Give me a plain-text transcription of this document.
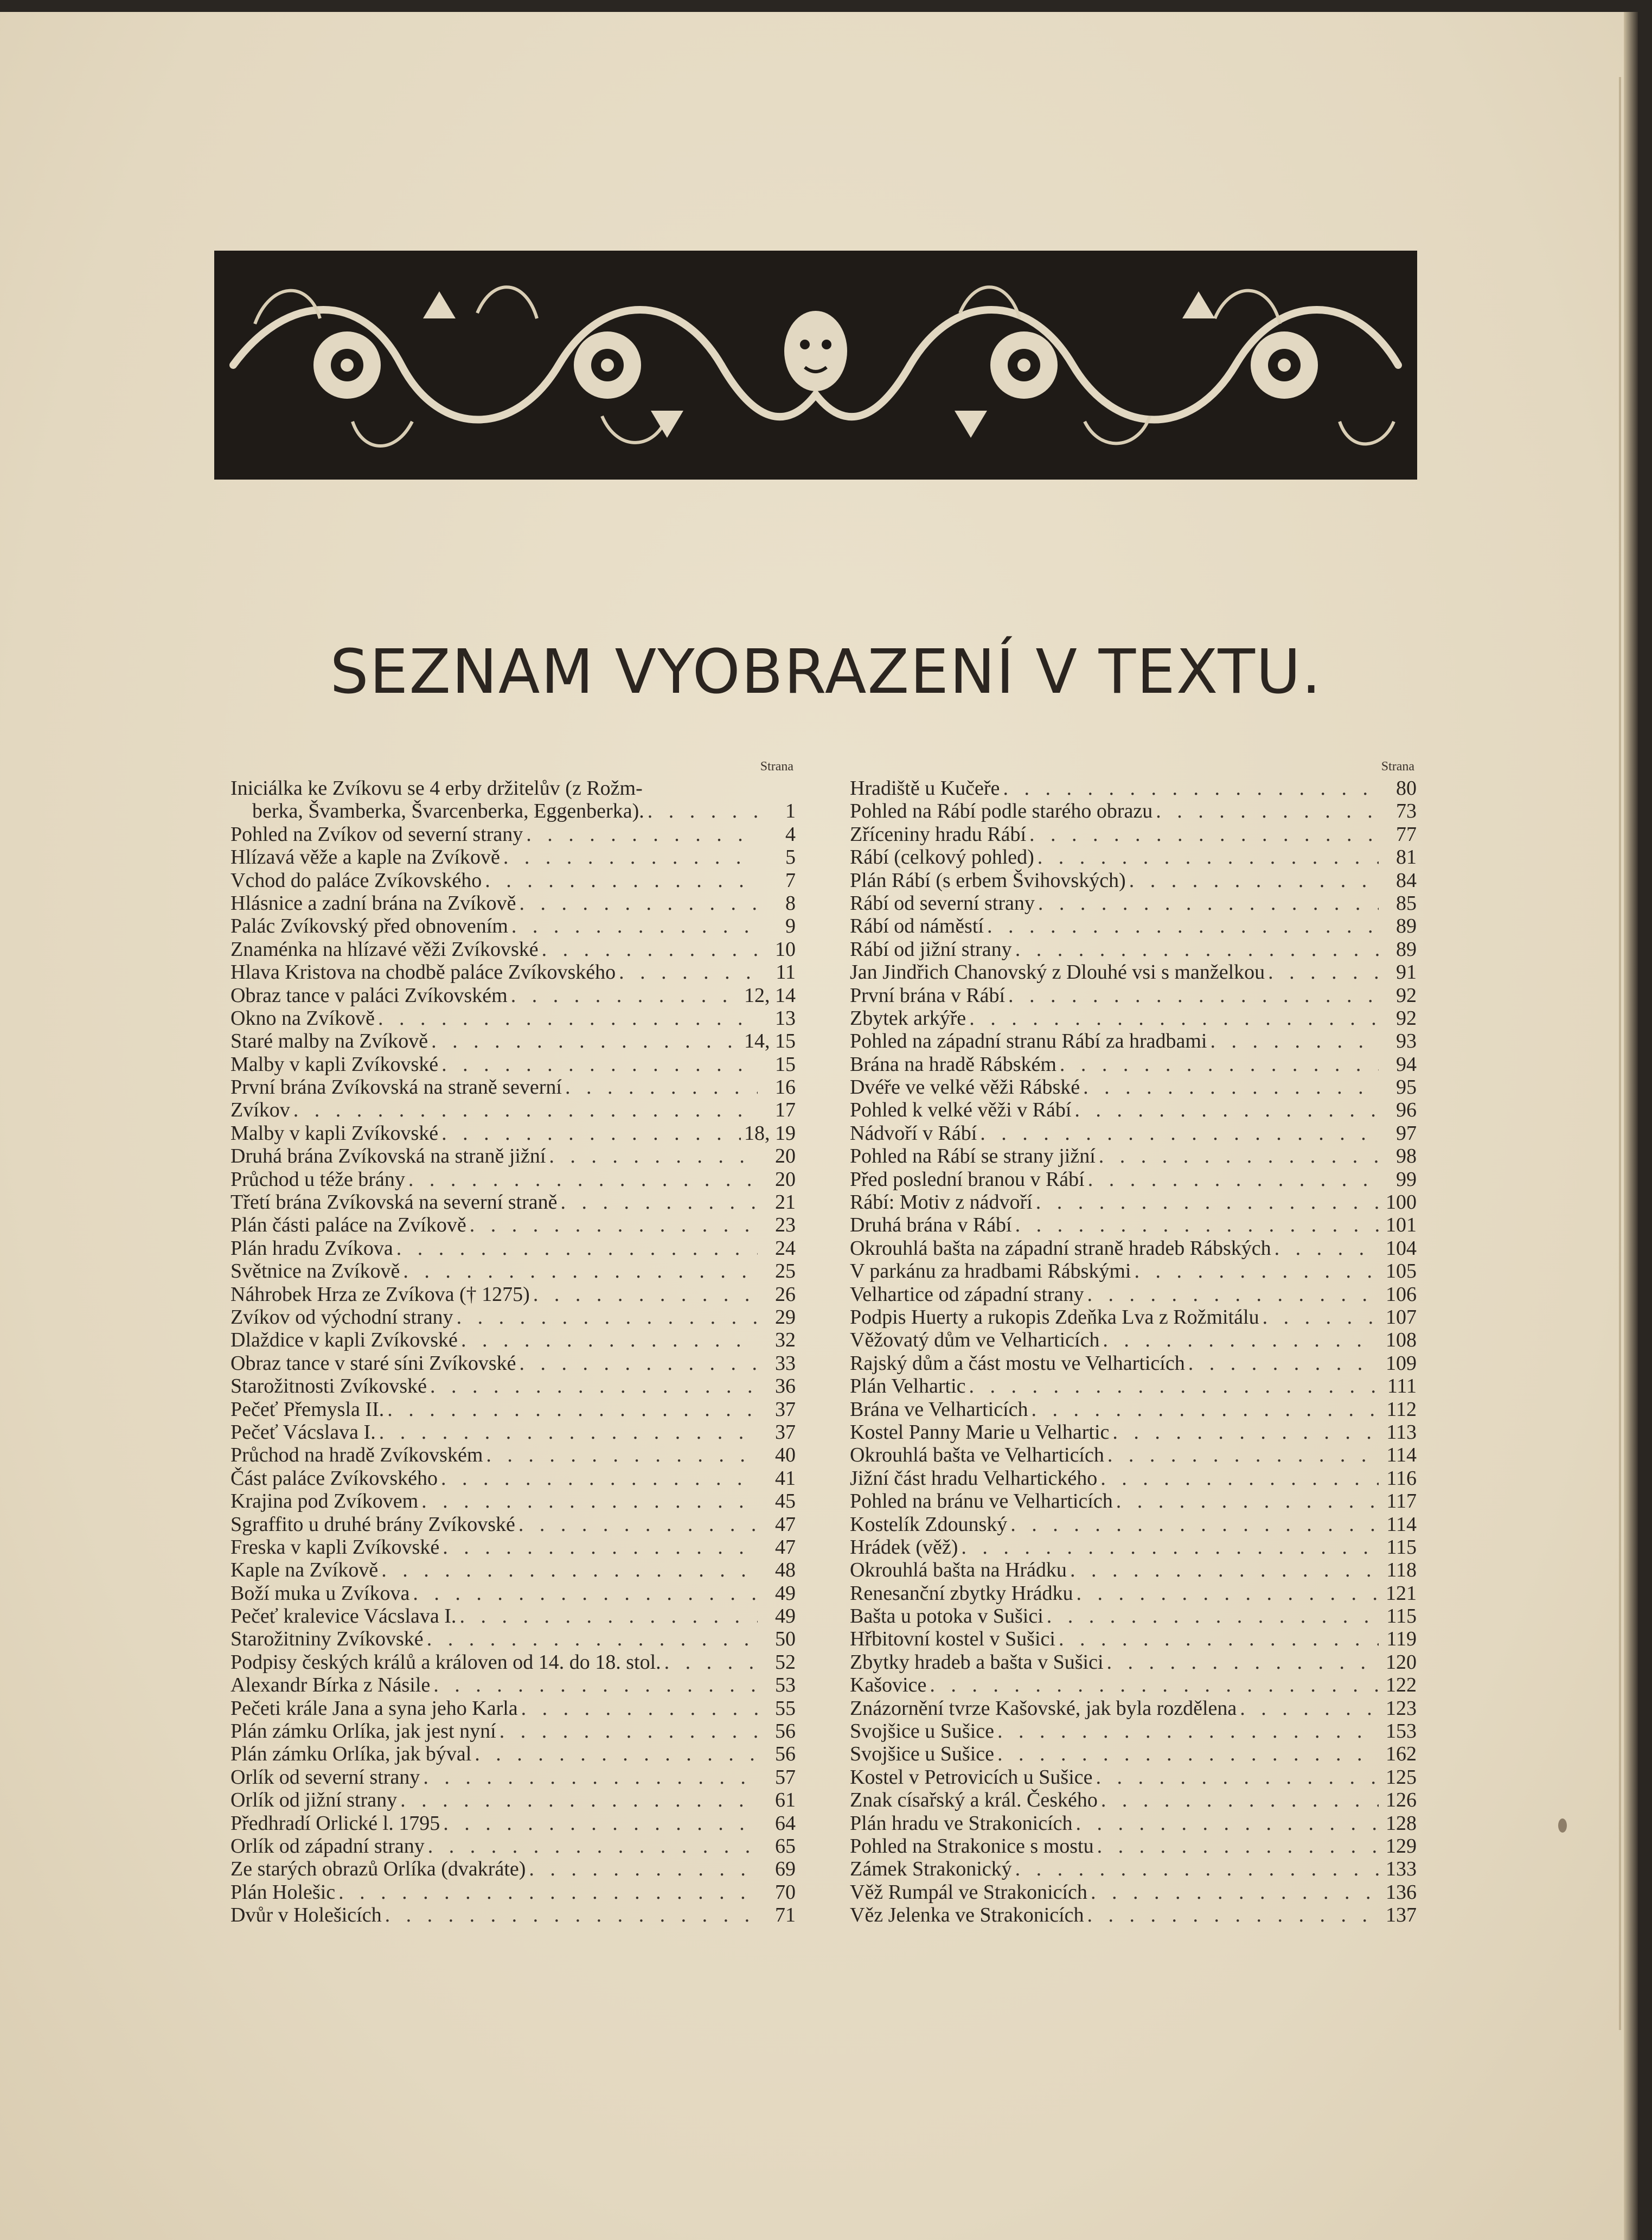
SEZNAM VYOBRAZENÍ V TEXTU.
Strana
Iniciálka ke Zvíkovu se 4 erby držitelův (z Rožm-
berka, Švamberka, Švarcenberka, Eggenberka). . . .	1
Pohled na Zvíkov od severní strany . . .	4
Hlízavá věže a kaple na Zvíkově . . .	5
Vchod do paláce Zvíkovského . . .	7
Hlásnice a zadní brána na Zvíkově . . .	8
Palác Zvíkovský před obnovením . . .	9
Znaménka na hlízavé věži Zvíkovské . . .	10
Hlava Kristova na chodbě paláce Zvíkovského . . .	11
Obraz tance v paláci Zvíkovském . . .	12, 14
Okno na Zvíkově . . .	13
Staré malby na Zvíkově . . .	14, 15
Malby v kapli Zvíkovské . . .	15
První brána Zvíkovská na straně severní . . .	16
Zvíkov . . .	17
Malby v kapli Zvíkovské . . .	18, 19
Druhá brána Zvíkovská na straně jižní . . .	20
Průchod u téže brány . . .	20
Třetí brána Zvíkovská na severní straně . . .	21
Plán části paláce na Zvíkově . . .	23
Plán hradu Zvíkova . . .	24
Světnice na Zvíkově . . .	25
Náhrobek Hrza ze Zvíkova († 1275) . . .	26
Zvíkov od východní strany . . .	29
Dlaždice v kapli Zvíkovské . . .	32
Obraz tance v staré síni Zvíkovské . . .	33
Starožitnosti Zvíkovské . . .	36
Pečeť Přemysla II. . . .	37
Pečeť Vácslava I. . . .	37
Průchod na hradě Zvíkovském . . .	40
Část paláce Zvíkovského . . .	41
Krajina pod Zvíkovem . . .	45
Sgraffito u druhé brány Zvíkovské . . .	47
Freska v kapli Zvíkovské . . .	47
Kaple na Zvíkově . . .	48
Boží muka u Zvíkova . . .	49
Pečeť kralevice Vácslava I. . . .	49
Starožitniny Zvíkovské . . .	50
Podpisy českých králů a královen od 14. do 18. stol. . . .	52
Alexandr Bírka z Násile . . .	53
Pečeti krále Jana a syna jeho Karla . . .	55
Plán zámku Orlíka, jak jest nyní . . .	56
Plán zámku Orlíka, jak býval . . .	56
Orlík od severní strany . . .	57
Orlík od jižní strany . . .	61
Předhradí Orlické l. 1795 . . .	64
Orlík od západní strany . . .	65
Ze starých obrazů Orlíka (dvakráte) . . .	69
Plán Holešic . . .	70
Dvůr v Holešicích . . .	71
Strana
Hradiště u Kučeře . . .	80
Pohled na Rábí podle starého obrazu . . .	73
Zříceniny hradu Rábí . . .	77
Rábí (celkový pohled) . . .	81
Plán Rábí (s erbem Švihovských) . . .	84
Rábí od severní strany . . .	85
Rábí od náměstí . . .	89
Rábí od jižní strany . . .	89
Jan Jindřich Chanovský z Dlouhé vsi s manželkou . . .	91
První brána v Rábí . . .	92
Zbytek arkýře . . .	92
Pohled na západní stranu Rábí za hradbami . . .	93
Brána na hradě Rábském . . .	94
Dvéře ve velké věži Rábské . . .	95
Pohled k velké věži v Rábí . . .	96
Nádvoří v Rábí . . .	97
Pohled na Rábí se strany jižní . . .	98
Před poslední branou v Rábí . . .	99
Rábí: Motiv z nádvoří . . .	100
Druhá brána v Rábí . . .	101
Okrouhlá bašta na západní straně hradeb Rábských . . .	104
V parkánu za hradbami Rábskými . . .	105
Velhartice od západní strany . . .	106
Podpis Huerty a rukopis Zdeňka Lva z Rožmitálu . . .	107
Věžovatý dům ve Velharticích . . .	108
Rajský dům a část mostu ve Velharticích . . .	109
Plán Velhartic . . .	111
Brána ve Velharticích . . .	112
Kostel Panny Marie u Velhartic . . .	113
Okrouhlá bašta ve Velharticích . . .	114
Jižní část hradu Velhartického . . .	116
Pohled na bránu ve Velharticích . . .	117
Kostelík Zdounský . . .	114
Hrádek (věž) . . .	115
Okrouhlá bašta na Hrádku . . .	118
Renesanční zbytky Hrádku . . .	121
Bašta u potoka v Sušici . . .	115
Hřbitovní kostel v Sušici . . .	119
Zbytky hradeb a bašta v Sušici . . .	120
Kašovice . . .	122
Znázornění tvrze Kašovské, jak byla rozdělena . . .	123
Svojšice u Sušice . . .	153
Svojšice u Sušice . . .	162
Kostel v Petrovicích u Sušice . . .	125
Znak císařský a král. Českého . . .	126
Plán hradu ve Strakonicích . . .	128
Pohled na Strakonice s mostu . . .	129
Zámek Strakonický . . .	133
Věž Rumpál ve Strakonicích . . .	136
Věz Jelenka ve Strakonicích . . .	137
